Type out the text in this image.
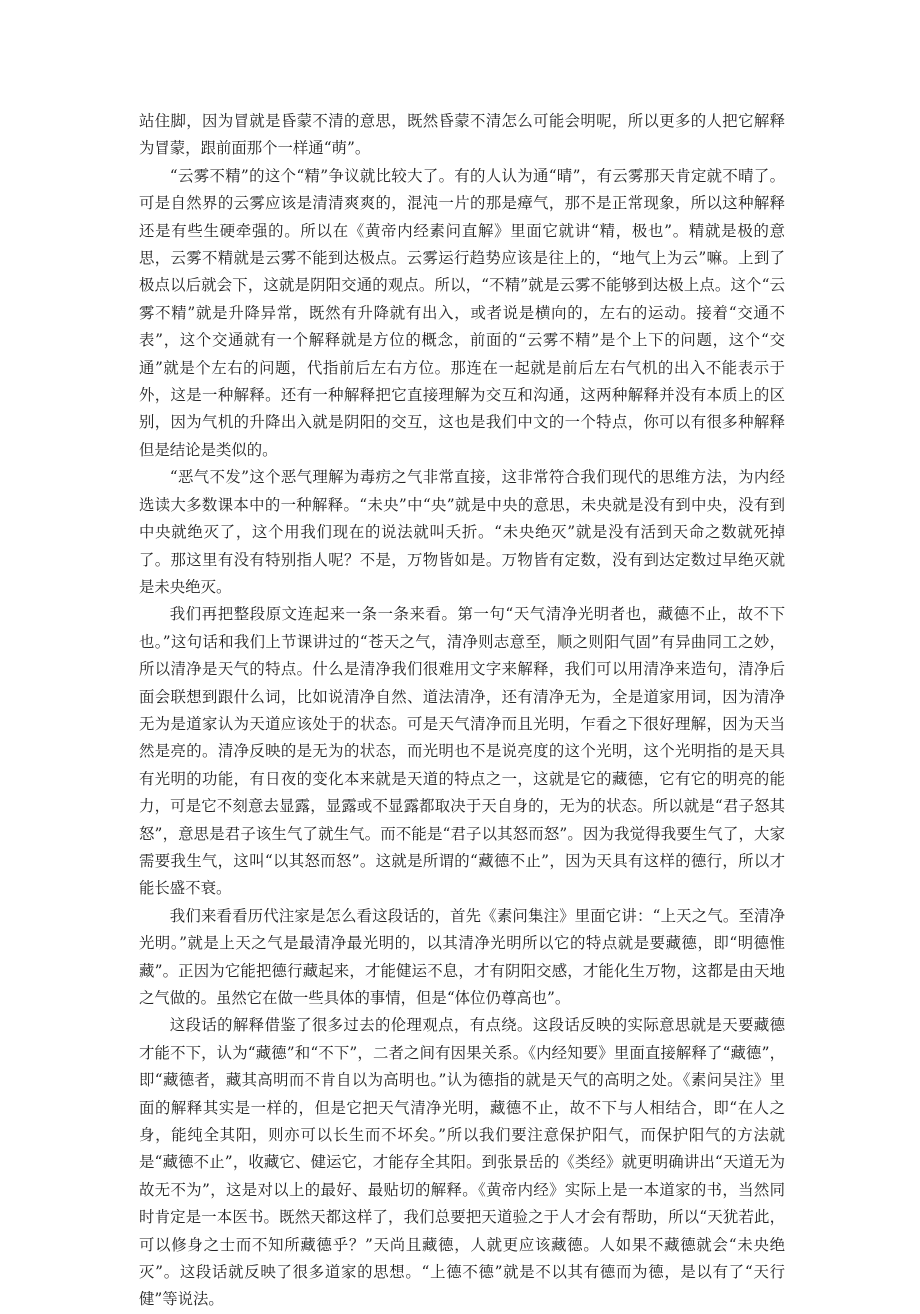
站住脚，因为冒就是昏蒙不清的意思，既然昏蒙不清怎么可能会明呢，所以更多的人把它解释为冒蒙，跟前面那个一样通“萌”。

“云雾不精”的这个“精”争议就比较大了。有的人认为通“晴”，有云雾那天肯定就不晴了。可是自然界的云雾应该是清清爽爽的，混沌一片的那是瘴气，那不是正常现象，所以这种解释还是有些生硬牵强的。所以在《黄帝内经素问直解》里面它就讲“精，极也”。精就是极的意思，云雾不精就是云雾不能到达极点。云雾运行趋势应该是往上的，“地气上为云”嘛。上到了极点以后就会下，这就是阴阳交通的观点。所以，“不精”就是云雾不能够到达极上点。这个“云雾不精”就是升降异常，既然有升降就有出入，或者说是横向的，左右的运动。接着“交通不表”，这个交通就有一个解释就是方位的概念，前面的“云雾不精”是个上下的问题，这个“交通”就是个左右的问题，代指前后左右方位。那连在一起就是前后左右气机的出入不能表示于外，这是一种解释。还有一种解释把它直接理解为交互和沟通，这两种解释并没有本质上的区别，因为气机的升降出入就是阴阳的交互，这也是我们中文的一个特点，你可以有很多种解释但是结论是类似的。

“恶气不发”这个恶气理解为毒疠之气非常直接，这非常符合我们现代的思维方法，为内经选读大多数课本中的一种解释。“未央”中“央”就是中央的意思，未央就是没有到中央，没有到中央就绝灭了，这个用我们现在的说法就叫夭折。“未央绝灭”就是没有活到天命之数就死掉了。那这里有没有特别指人呢？不是，万物皆如是。万物皆有定数，没有到达定数过早绝灭就是未央绝灭。

我们再把整段原文连起来一条一条来看。第一句“天气清净光明者也，藏德不止，故不下也。”这句话和我们上节课讲过的“苍天之气，清净则志意至，顺之则阳气固”有异曲同工之妙，所以清净是天气的特点。什么是清净我们很难用文字来解释，我们可以用清净来造句，清净后面会联想到跟什么词，比如说清净自然、道法清净，还有清净无为，全是道家用词，因为清净无为是道家认为天道应该处于的状态。可是天气清净而且光明，乍看之下很好理解，因为天当然是亮的。清净反映的是无为的状态，而光明也不是说亮度的这个光明，这个光明指的是天具有光明的功能，有日夜的变化本来就是天道的特点之一，这就是它的藏德，它有它的明亮的能力，可是它不刻意去显露，显露或不显露都取决于天自身的，无为的状态。所以就是“君子怒其怒”，意思是君子该生气了就生气。而不能是“君子以其怒而怒”。因为我觉得我要生气了，大家需要我生气，这叫“以其怒而怒”。这就是所谓的“藏德不止”，因为天具有这样的德行，所以才能长盛不衰。

我们来看看历代注家是怎么看这段话的，首先《素问集注》里面它讲：“上天之气。至清净光明。”就是上天之气是最清净最光明的，以其清净光明所以它的特点就是要藏德，即“明德惟藏”。正因为它能把德行藏起来，才能健运不息，才有阴阳交感，才能化生万物，这都是由天地之气做的。虽然它在做一些具体的事情，但是“体位仍尊高也”。

这段话的解释借鉴了很多过去的伦理观点，有点绕。这段话反映的实际意思就是天要藏德才能不下，认为“藏德”和“不下”，二者之间有因果关系。《内经知要》里面直接解释了“藏德”，即“藏德者，藏其高明而不肯自以为高明也。”认为德指的就是天气的高明之处。《素问吴注》里面的解释其实是一样的，但是它把天气清净光明，藏德不止，故不下与人相结合，即“在人之身，能纯全其阳，则亦可以长生而不坏矣。”所以我们要注意保护阳气，而保护阳气的方法就是“藏德不止”，收藏它、健运它，才能存全其阳。到张景岳的《类经》就更明确讲出“天道无为故无不为”，这是对以上的最好、最贴切的解释。《黄帝内经》实际上是一本道家的书，当然同时肯定是一本医书。既然天都这样了，我们总要把天道验之于人才会有帮助，所以“天犹若此，可以修身之士而不知所藏德乎？”天尚且藏德，人就更应该藏德。人如果不藏德就会“未央绝灭”。这段话就反映了很多道家的思想。“上德不德”就是不以其有德而为德，是以有了“天行健”等说法。
